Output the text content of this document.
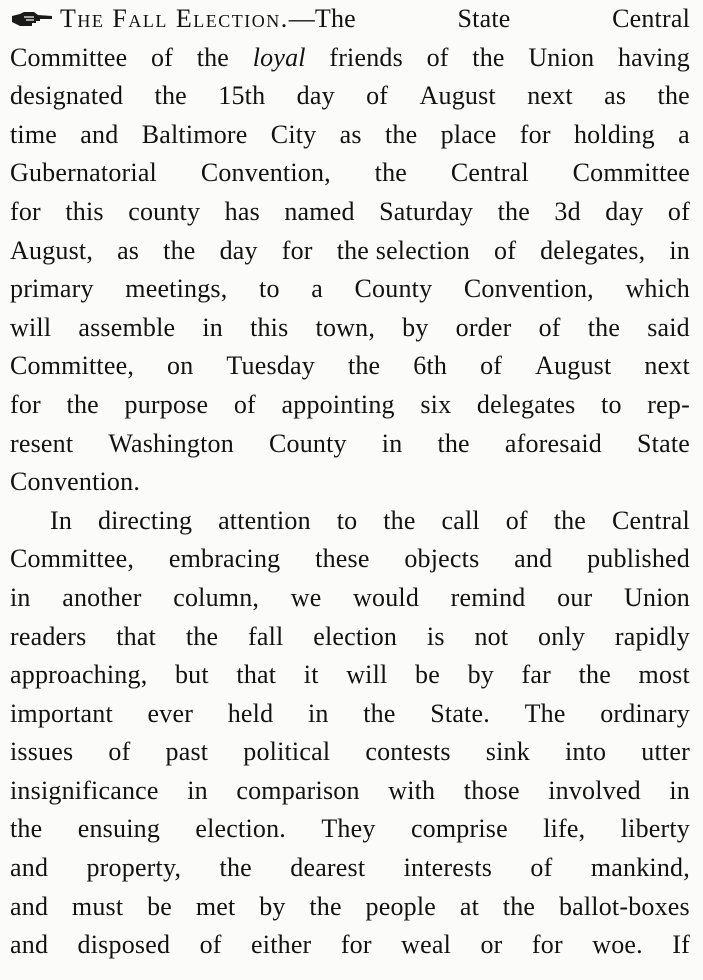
The Fall Election. —The	State	Central
Committee of the loyal friends of the Union having
designated the 15th day of August next as the
time and Baltimore City as the place for holding a
Gubernatorial Convention, the Central Committee
for this county has named Saturday the 3d day of
August, as the day for the selection of delegates, in
primary meetings, to a County Convention, which
will assemble in this town, by order of the said
Committee, on Tuesday the 6th of August next
for the purpose of appointing six delegates to rep-
resent Washington County in the aforesaid State
Convention.
In directing attention to the call of the Central
Committee, embracing these objects and published
in another column, we would remind our Union
readers that the fall election is not only rapidly
approaching, but that it will be by far the most
important ever held in the State. The ordinary
issues of past political contests sink into utter
insignificance in comparison with those involved in
the ensuing election. They comprise life, liberty
and property, the dearest interests of mankind,
and must be met by the people at the ballot-boxes
and disposed of either for weal or for woe. If
